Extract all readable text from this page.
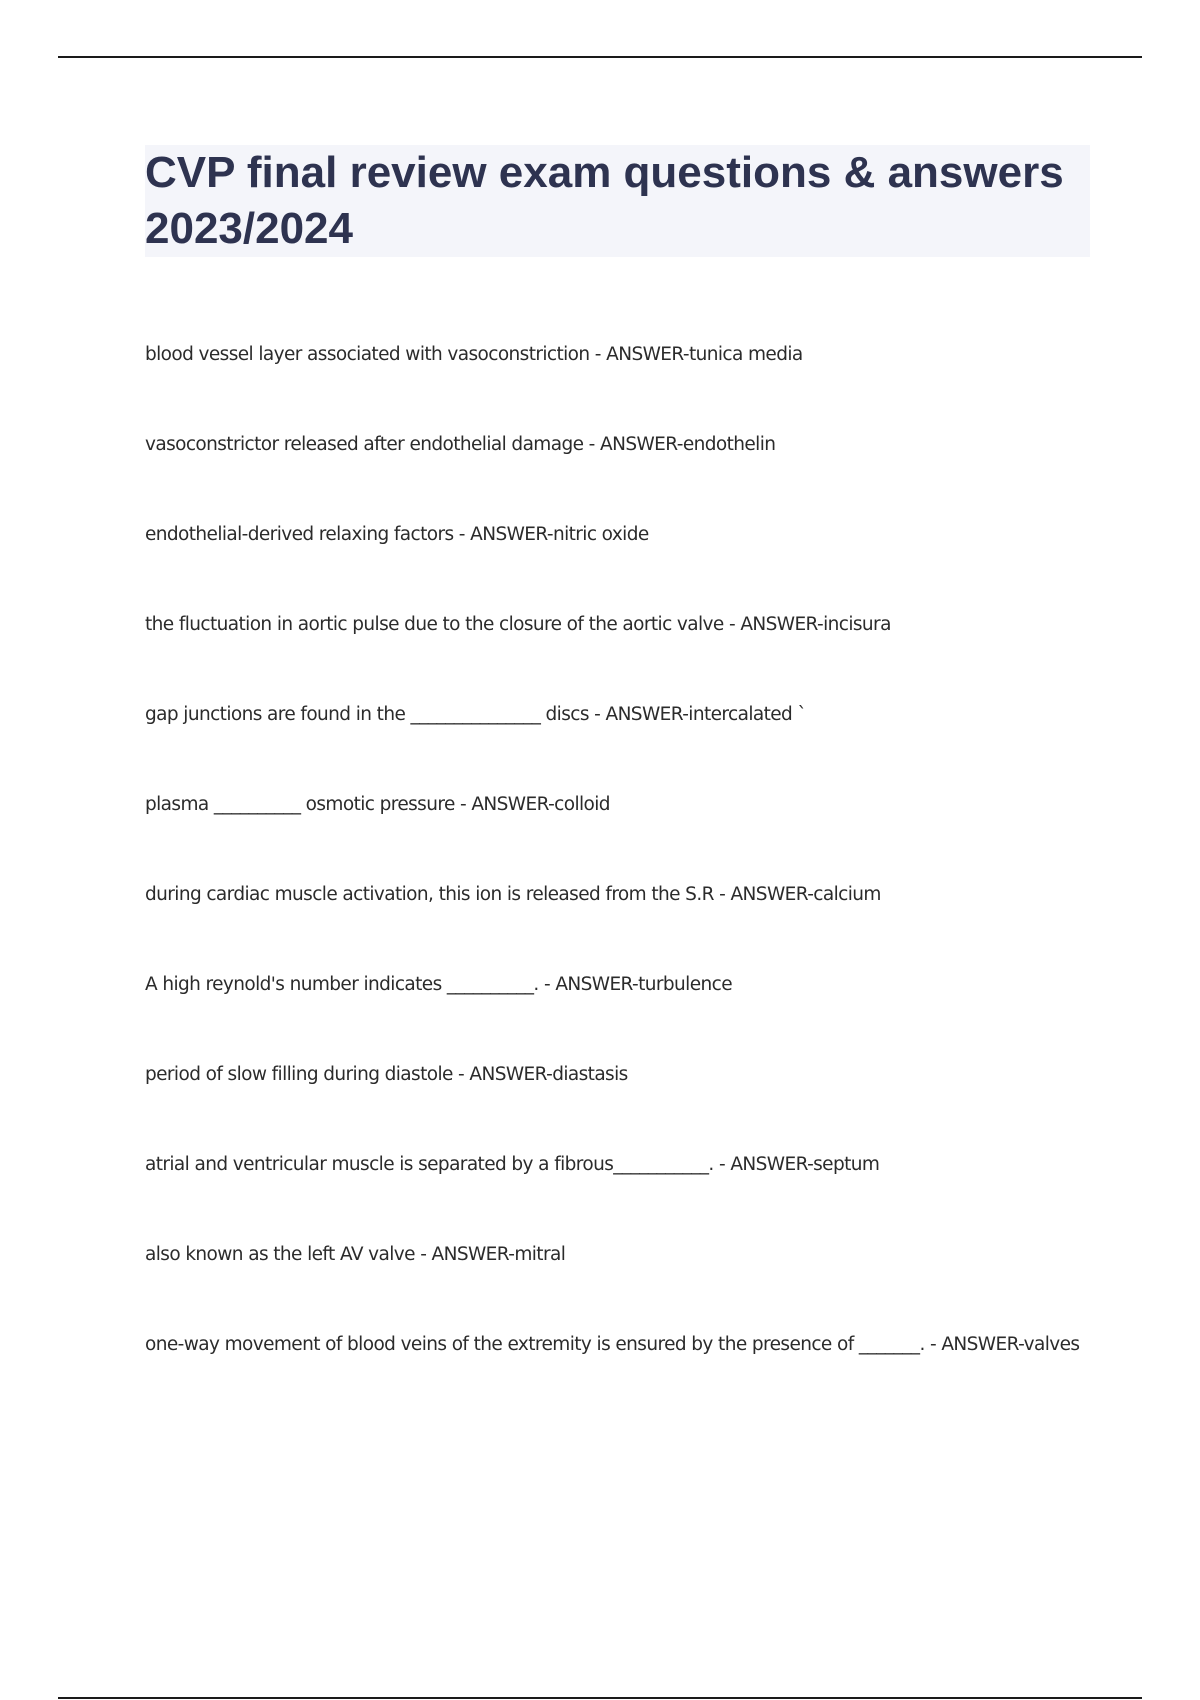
CVP final review exam questions & answers 2023/2024

blood vessel layer associated with vasoconstriction - ANSWER-tunica media

vasoconstrictor released after endothelial damage - ANSWER-endothelin

endothelial-derived relaxing factors - ANSWER-nitric oxide

the fluctuation in aortic pulse due to the closure of the aortic valve - ANSWER-incisura

gap junctions are found in the _______________ discs - ANSWER-intercalated `

plasma __________ osmotic pressure - ANSWER-colloid

during cardiac muscle activation, this ion is released from the S.R - ANSWER-calcium

A high reynold's number indicates __________. - ANSWER-turbulence

period of slow filling during diastole - ANSWER-diastasis

atrial and ventricular muscle is separated by a fibrous___________. - ANSWER-septum

also known as the left AV valve - ANSWER-mitral

one-way movement of blood veins of the extremity is ensured by the presence of _______. - ANSWER-valves
